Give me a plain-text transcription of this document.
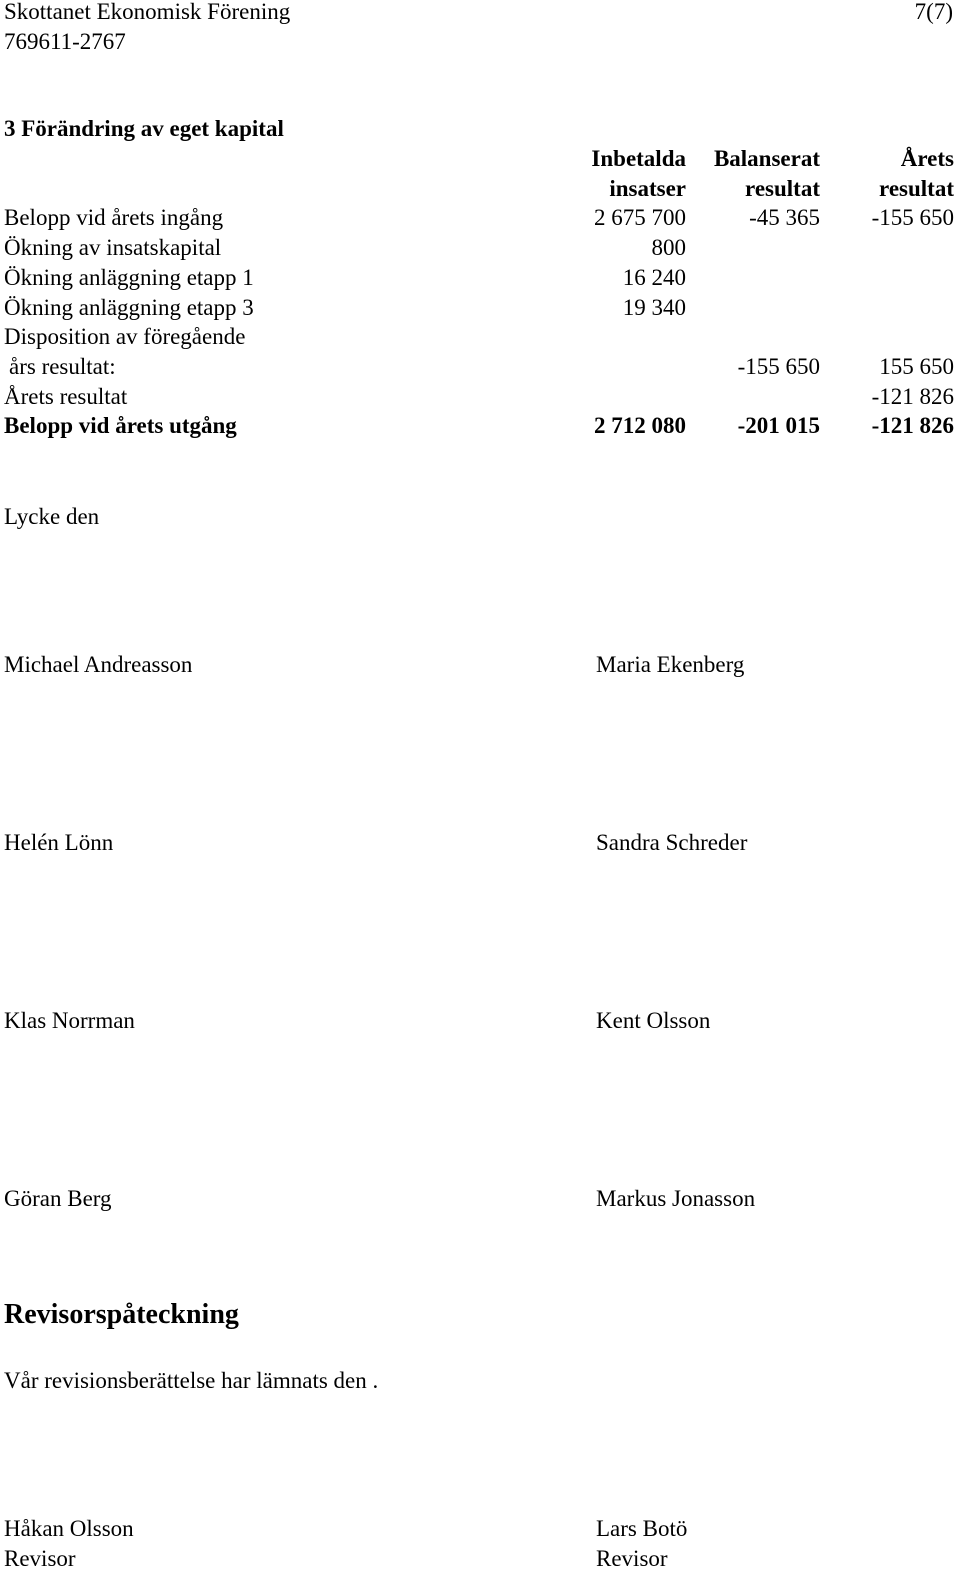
Skottanet Ekonomisk Förening
769611-2767
7(7)
3 Förändring av eget kapital
	Inbetalda	Balanserat	Årets
	insatser	resultat	resultat
Belopp vid årets ingång	2 675 700	-45 365	-155 650
Ökning av insatskapital	800		
Ökning anläggning etapp 1	16 240		
Ökning anläggning etapp 3	19 340		
Disposition av föregående			
års resultat:		-155 650	155 650
Årets resultat			-121 826
Belopp vid årets utgång	2 712 080	-201 015	-121 826
Lycke den
Michael Andreasson	Maria Ekenberg
Helén Lönn	Sandra Schreder
Klas Norrman	Kent Olsson
Göran Berg	Markus Jonasson
Revisorspåteckning
Vår revisionsberättelse har lämnats den .
Håkan Olsson
Revisor
Lars Botö
Revisor
